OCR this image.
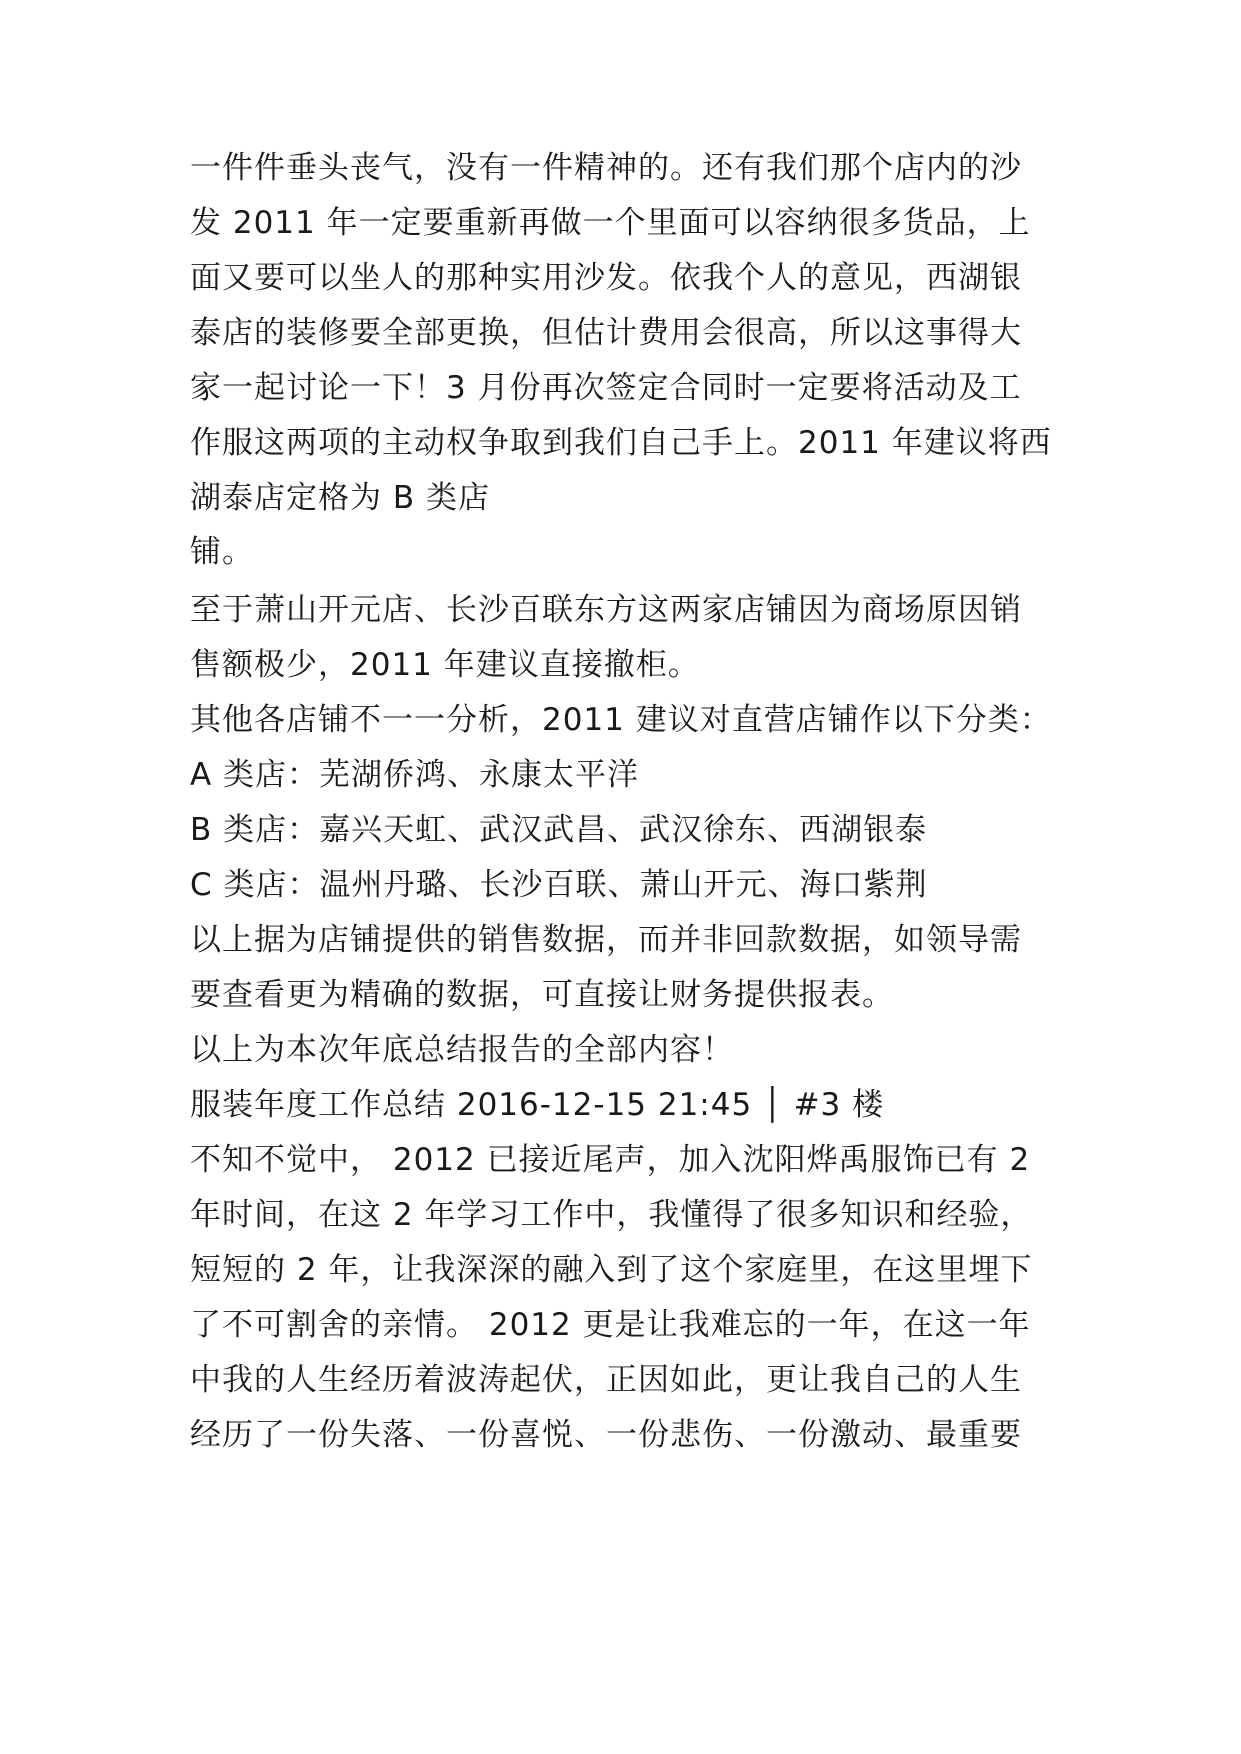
一件件垂头丧气，没有一件精神的。还有我们那个店内的沙
发 2011 年一定要重新再做一个里面可以容纳很多货品，上
面又要可以坐人的那种实用沙发。依我个人的意见，西湖银
泰店的装修要全部更换，但估计费用会很高，所以这事得大
家一起讨论一下！3 月份再次签定合同时一定要将活动及工
作服这两项的主动权争取到我们自己手上。2011 年建议将西
湖泰店定格为 B 类店
铺。
至于萧山开元店、长沙百联东方这两家店铺因为商场原因销
售额极少，2011 年建议直接撤柜。
其他各店铺不一一分析，2011 建议对直营店铺作以下分类：
A 类店：芜湖侨鸿、永康太平洋
B 类店：嘉兴天虹、武汉武昌、武汉徐东、西湖银泰
C 类店：温州丹璐、长沙百联、萧山开元、海口紫荆
以上据为店铺提供的销售数据，而并非回款数据，如领导需
要查看更为精确的数据，可直接让财务提供报表。
以上为本次年底总结报告的全部内容！
服装年度工作总结 2016-12-15 21:45 │ #3 楼
不知不觉中， 2012 已接近尾声，加入沈阳烨禹服饰已有 2
年时间，在这 2 年学习工作中，我懂得了很多知识和经验，
短短的 2 年，让我深深的融入到了这个家庭里，在这里埋下
了不可割舍的亲情。 2012 更是让我难忘的一年，在这一年
中我的人生经历着波涛起伏，正因如此，更让我自己的人生
经历了一份失落、一份喜悦、一份悲伤、一份激动、最重要
